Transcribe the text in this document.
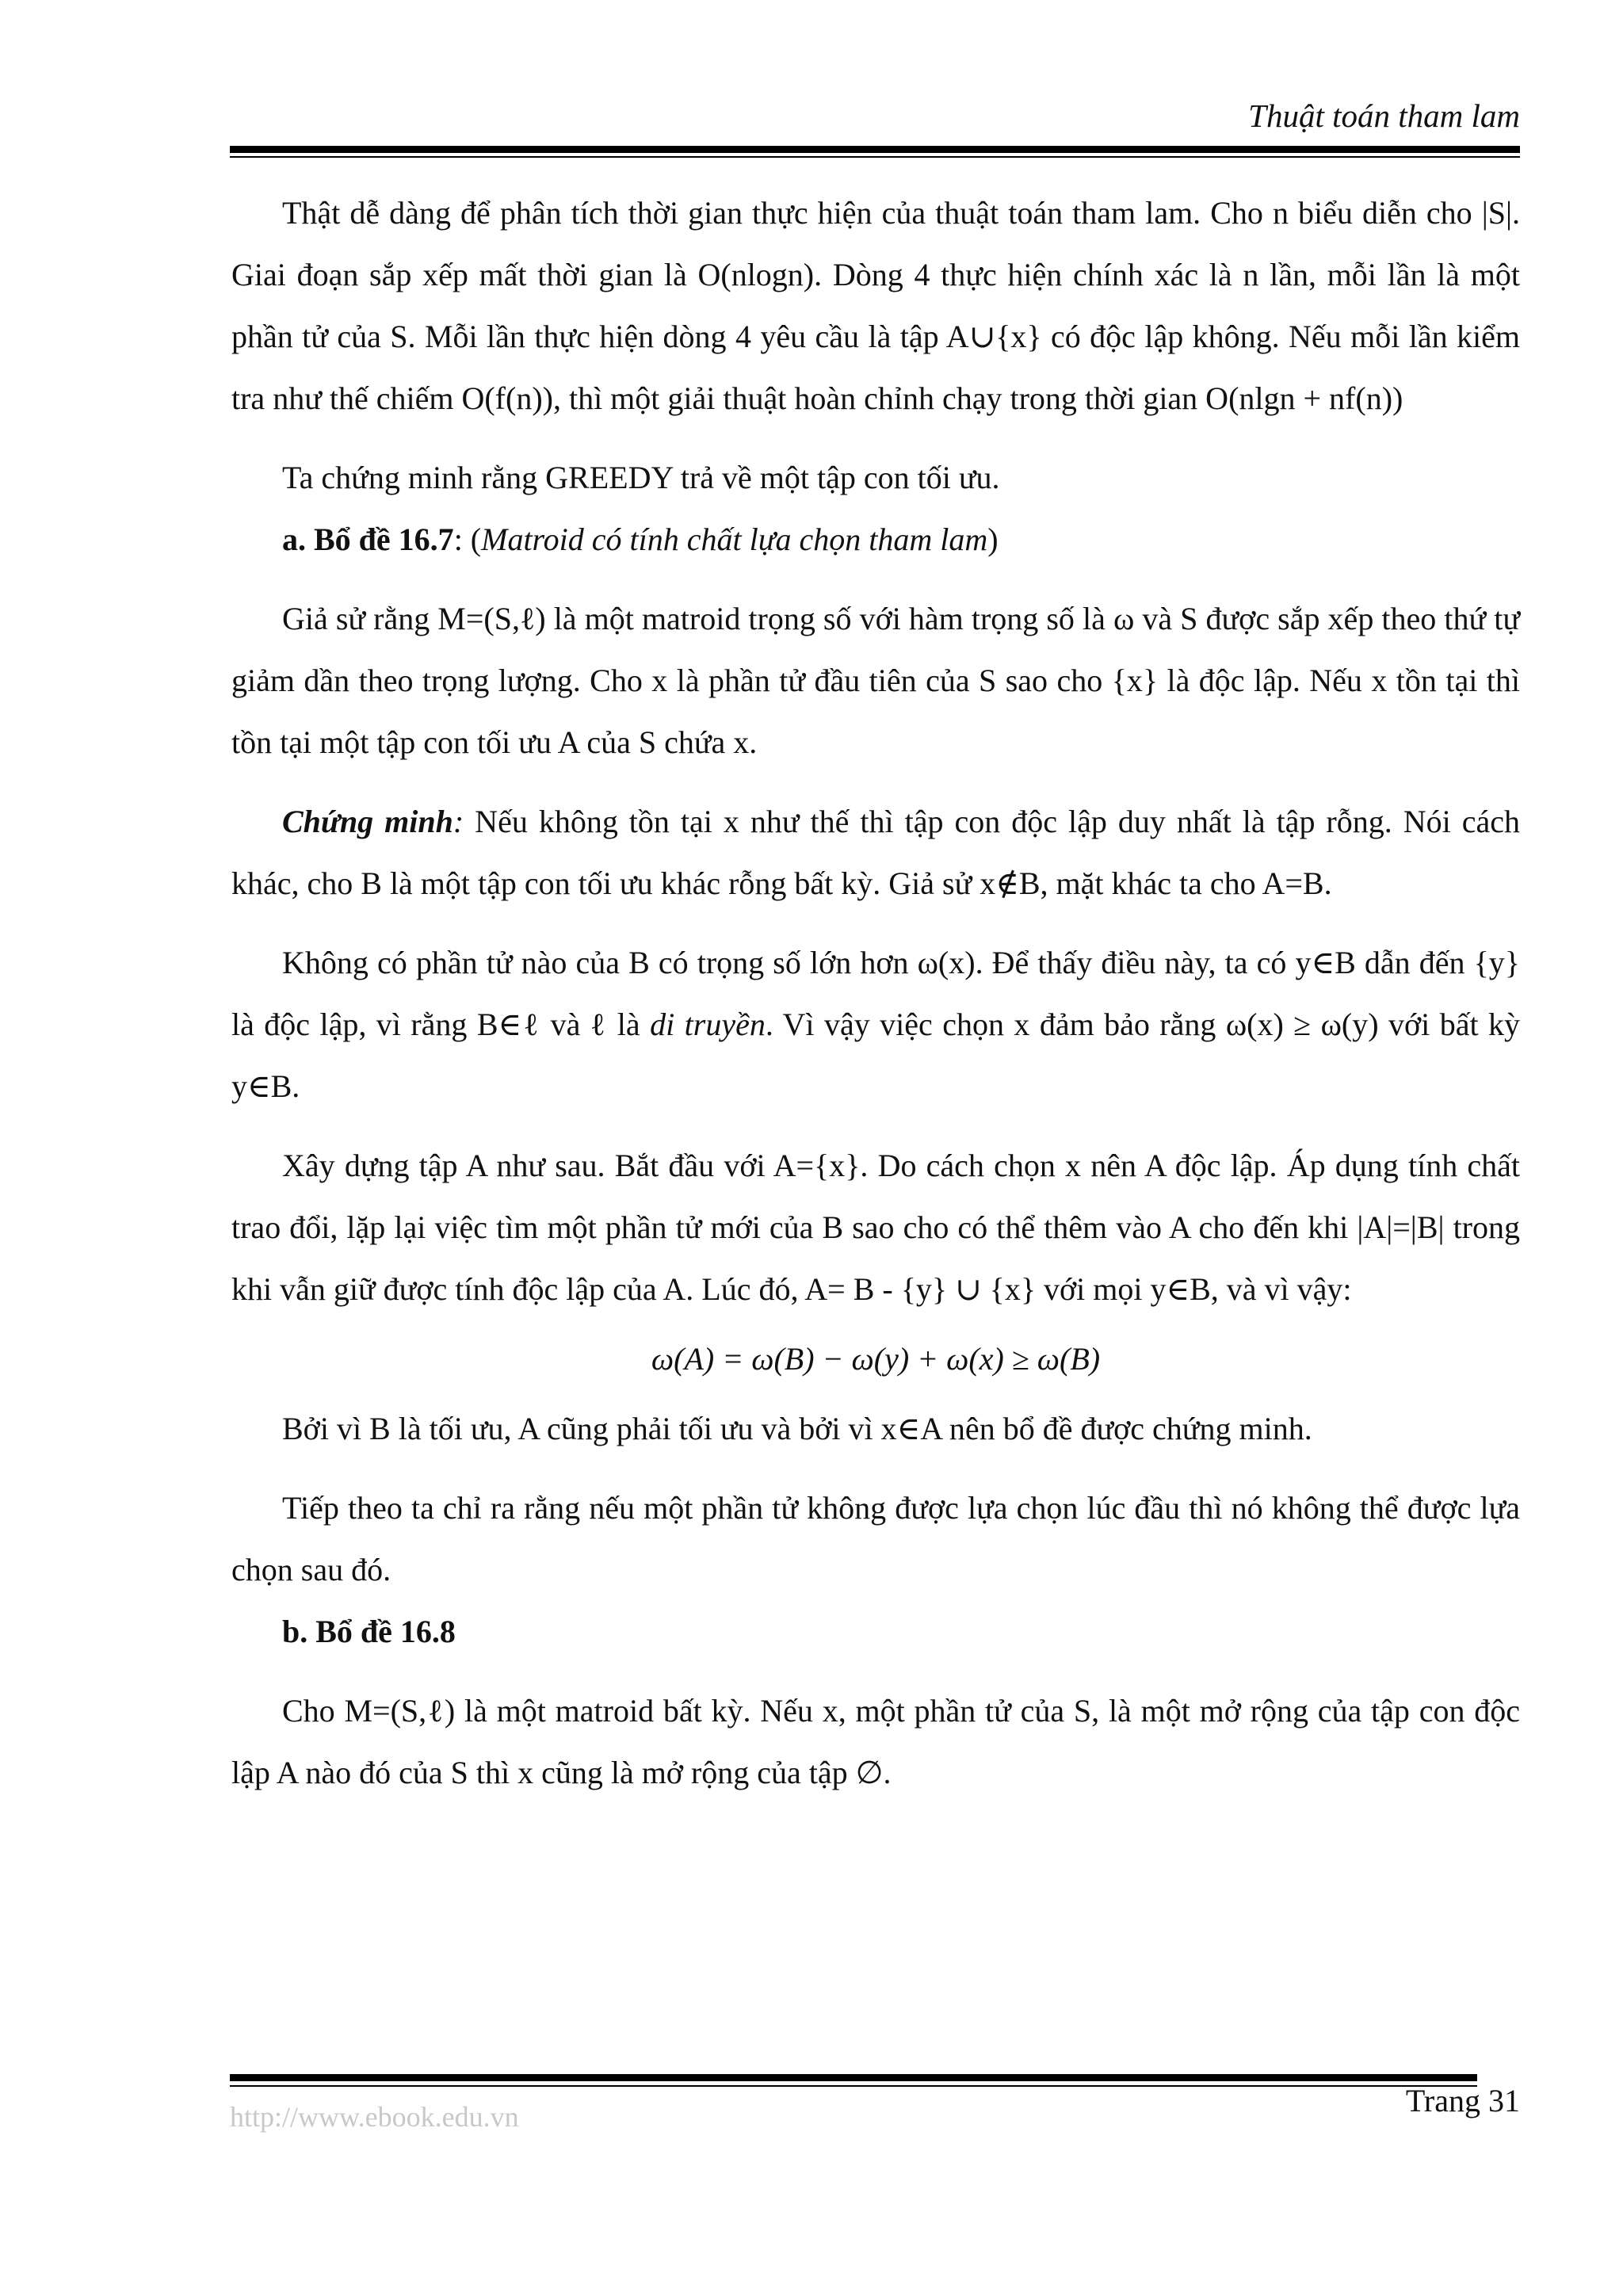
Thuật toán tham lam

Thật dễ dàng để phân tích thời gian thực hiện của thuật toán tham lam. Cho n biểu diễn cho |S|. Giai đoạn sắp xếp mất thời gian là O(nlogn). Dòng 4 thực hiện chính xác là n lần, mỗi lần là một phần tử của S. Mỗi lần thực hiện dòng 4 yêu cầu là tập A∪{x} có độc lập không. Nếu mỗi lần kiểm tra như thế chiếm O(f(n)), thì một giải thuật hoàn chỉnh chạy trong thời gian O(nlgn + nf(n))

Ta chứng minh rằng GREEDY trả về một tập con tối ưu.

a. Bổ đề 16.7: (Matroid có tính chất lựa chọn tham lam)

Giả sử rằng M=(S,ℓ) là một matroid trọng số với hàm trọng số là ω và S được sắp xếp theo thứ tự giảm dần theo trọng lượng. Cho x là phần tử đầu tiên của S sao cho {x} là độc lập. Nếu x tồn tại thì tồn tại một tập con tối ưu A của S chứa x.

Chứng minh: Nếu không tồn tại x như thế thì tập con độc lập duy nhất là tập rỗng. Nói cách khác, cho B là một tập con tối ưu khác rỗng bất kỳ. Giả sử x∉B, mặt khác ta cho A=B.

Không có phần tử nào của B có trọng số lớn hơn ω(x). Để thấy điều này, ta có y∈B dẫn đến {y} là độc lập, vì rằng B∈ℓ và ℓ là di truyền. Vì vậy việc chọn x đảm bảo rằng ω(x) ≥ ω(y) với bất kỳ y∈B.

Xây dựng tập A như sau. Bắt đầu với A={x}. Do cách chọn x nên A độc lập. Áp dụng tính chất trao đổi, lặp lại việc tìm một phần tử mới của B sao cho có thể thêm vào A cho đến khi |A|=|B| trong khi vẫn giữ được tính độc lập của A. Lúc đó, A= B - {y} ∪ {x} với mọi y∈B, và vì vậy:

ω(A) = ω(B) − ω(y) + ω(x) ≥ ω(B)

Bởi vì B là tối ưu, A cũng phải tối ưu và bởi vì x∈A nên bổ đề được chứng minh.

Tiếp theo ta chỉ ra rằng nếu một phần tử không được lựa chọn lúc đầu thì nó không thể được lựa chọn sau đó.

b. Bổ đề 16.8

Cho M=(S,ℓ) là một matroid bất kỳ. Nếu x, một phần tử của S, là một mở rộng của tập con độc lập A nào đó của S thì x cũng là mở rộng của tập ∅.

http://www.ebook.edu.vn	Trang 31
